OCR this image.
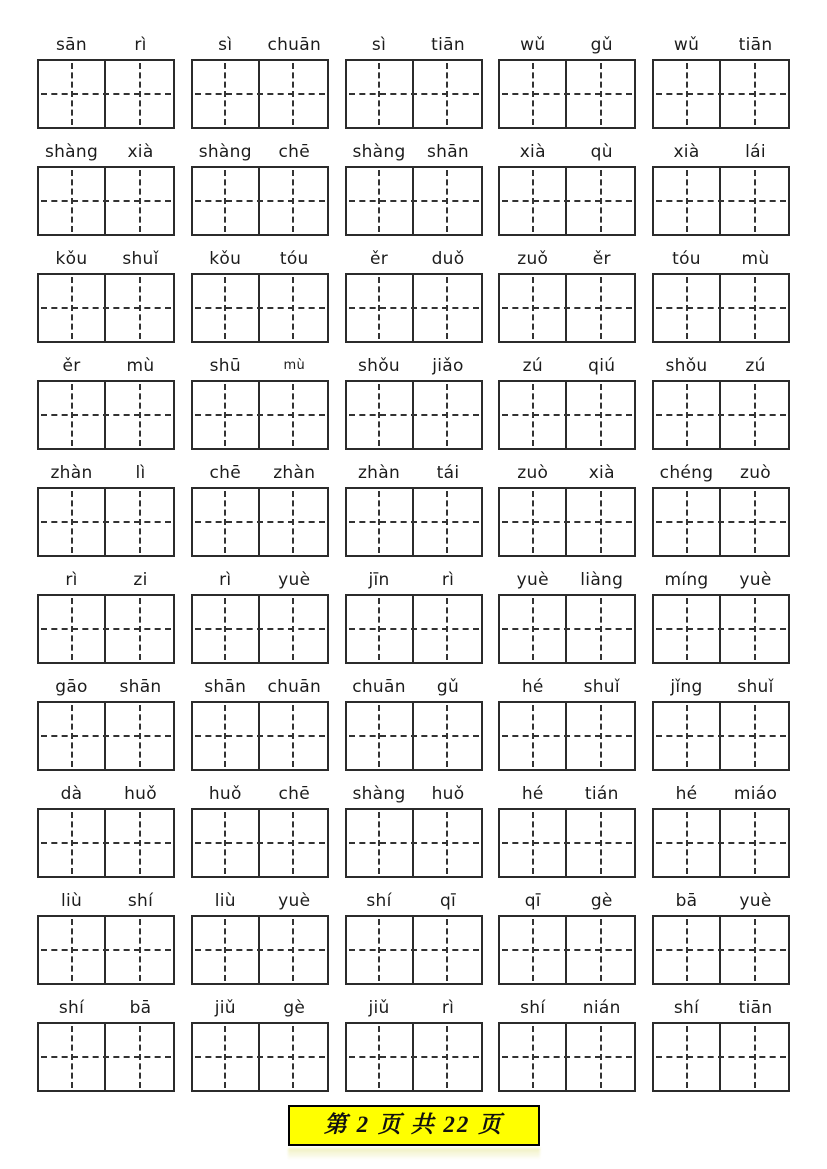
sān	rì	sì	chuān	sì	tiān	wǔ	gǔ	wǔ	tiān
shàng	xià	shàng	chē	shàng	shān	xià	qù	xià	lái
kǒu	shuǐ	kǒu	tóu	ěr	duǒ	zuǒ	ěr	tóu	mù
ěr	mù	shū	mù	shǒu	jiǎo	zú	qiú	shǒu	zú
zhàn	lì	chē	zhàn	zhàn	tái	zuò	xià	chéng	zuò
rì	zi	rì	yuè	jīn	rì	yuè	liàng	míng	yuè
gāo	shān	shān	chuān	chuān	gǔ	hé	shuǐ	jǐng	shuǐ
dà	huǒ	huǒ	chē	shàng	huǒ	hé	tián	hé	miáo
liù	shí	liù	yuè	shí	qī	qī	gè	bā	yuè
shí	bā	jiǔ	gè	jiǔ	rì	shí	nián	shí	tiān
第 2 页 共 22 页
